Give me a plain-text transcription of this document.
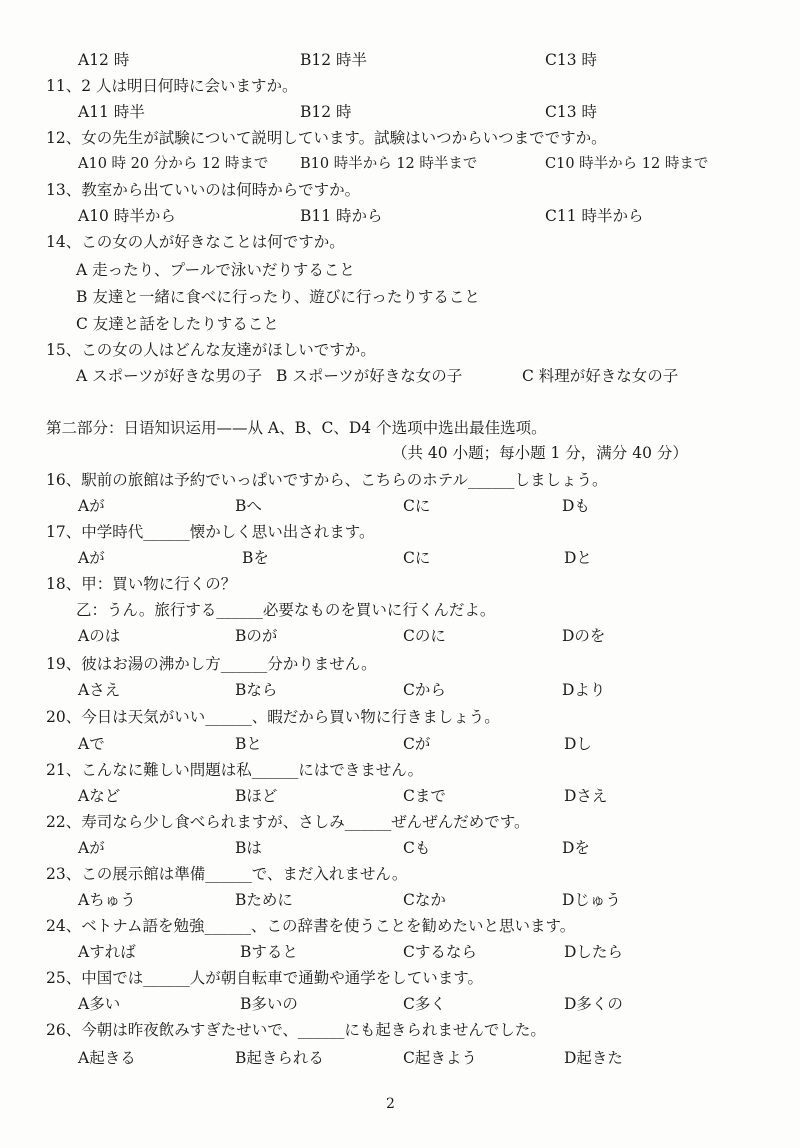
A12 時	B12 時半	C13 時
11、2 人は明日何時に会いますか。
A11 時半	B12 時	C13 時
12、女の先生が試験について説明しています。試験はいつからいつまでですか。
A10 時 20 分から 12 時まで B10 時半から 12 時半まで	C10 時半から 12 時まで
13、教室から出ていいのは何時からですか。
A10 時半から	B11 時から	C11 時半から
14、この女の人が好きなことは何ですか。
A 走ったり、プールで泳いだりすること
B 友達と一緒に食べに行ったり、遊びに行ったりすること
C 友達と話をしたりすること
15、この女の人はどんな友達がほしいですか。
A スポーツが好きな男の子 B スポーツが好きな女の子	C 料理が好きな女の子
第二部分：日语知识运用——从 A、B、C、D4 个选项中选出最佳选项。
（共 40 小题；每小题 1 分，满分 40 分）
16、駅前の旅館は予約でいっぱいですから、こちらのホテル______しましょう。
Aが	Bへ	Cに	Dも
17、中学時代______懐かしく思い出されます。
Aが	Bを	Cに	Dと
18、甲：買い物に行くの？
乙：うん。旅行する______必要なものを買いに行くんだよ。
Aのは	Bのが	Cのに	Dのを
19、彼はお湯の沸かし方______分かりません。
Aさえ	Bなら	Cから	Dより
20、今日は天気がいい______、暇だから買い物に行きましょう。
Aで	Bと	Cが	Dし
21、こんなに難しい問題は私______にはできません。
Aなど	Bほど	Cまで	Dさえ
22、寿司なら少し食べられますが、さしみ______ぜんぜんだめです。
Aが	Bは	Cも	Dを
23、この展示館は準備______で、まだ入れません。
Aちゅう	Bために	Cなか	Dじゅう
24、ベトナム語を勉強______、この辞書を使うことを勧めたいと思います。
Aすれば	Bすると	Cするなら	Dしたら
25、中国では______人が朝自転車で通勤や通学をしています。
A多い	B多いの	C多く	D多くの
26、今朝は昨夜飲みすぎたせいで、______にも起きられませんでした。
A起きる	B起きられる	C起きよう	D起きた
2
